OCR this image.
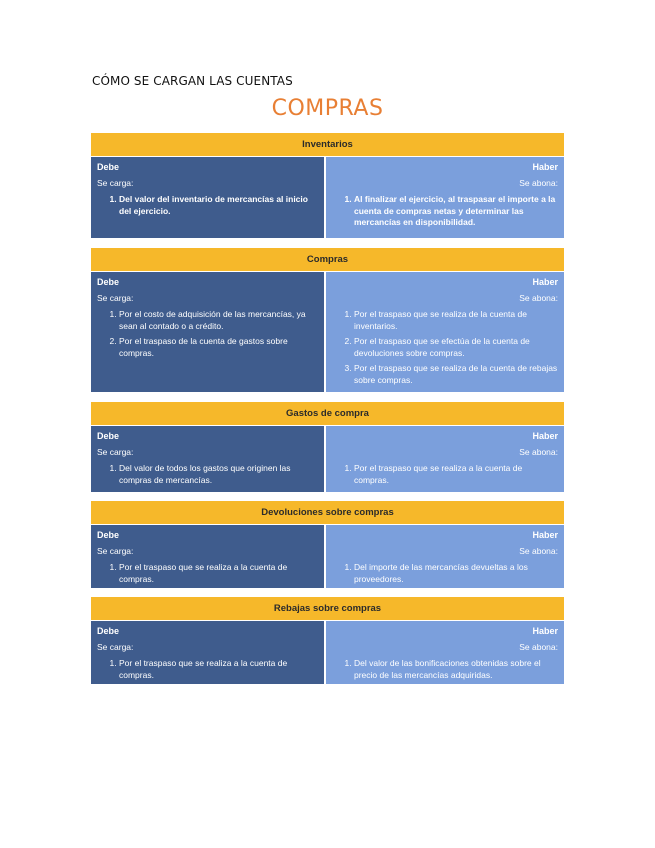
CÓMO SE CARGAN LAS CUENTAS
COMPRAS
Inventarios
Debe
Se carga:
1. Del valor del inventario de mercancías al inicio del ejercicio.
Haber
Se abona:
1. Al finalizar el ejercicio, al traspasar el importe a la cuenta de compras netas y determinar las mercancías en disponibilidad.
Compras
Debe
Se carga:
1. Por el costo de adquisición de las mercancías, ya sean al contado o a crédito.
2. Por el traspaso de la cuenta de gastos sobre compras.
Haber
Se abona:
1. Por el traspaso que se realiza de la cuenta de inventarios.
2. Por el traspaso que se efectúa de la cuenta de devoluciones sobre compras.
3. Por el traspaso que se realiza de la cuenta de rebajas sobre compras.
Gastos de compra
Debe
Se carga:
1. Del valor de todos los gastos que originen las compras de mercancías.
Haber
Se abona:
1. Por el traspaso que se realiza a la cuenta de compras.
Devoluciones sobre compras
Debe
Se carga:
1. Por el traspaso que se realiza a la cuenta de compras.
Haber
Se abona:
1. Del importe de las mercancías devueltas a los proveedores.
Rebajas sobre compras
Debe
Se carga:
1. Por el traspaso que se realiza a la cuenta de compras.
Haber
Se abona:
1. Del valor de las bonificaciones obtenidas sobre el precio de las mercancías adquiridas.
